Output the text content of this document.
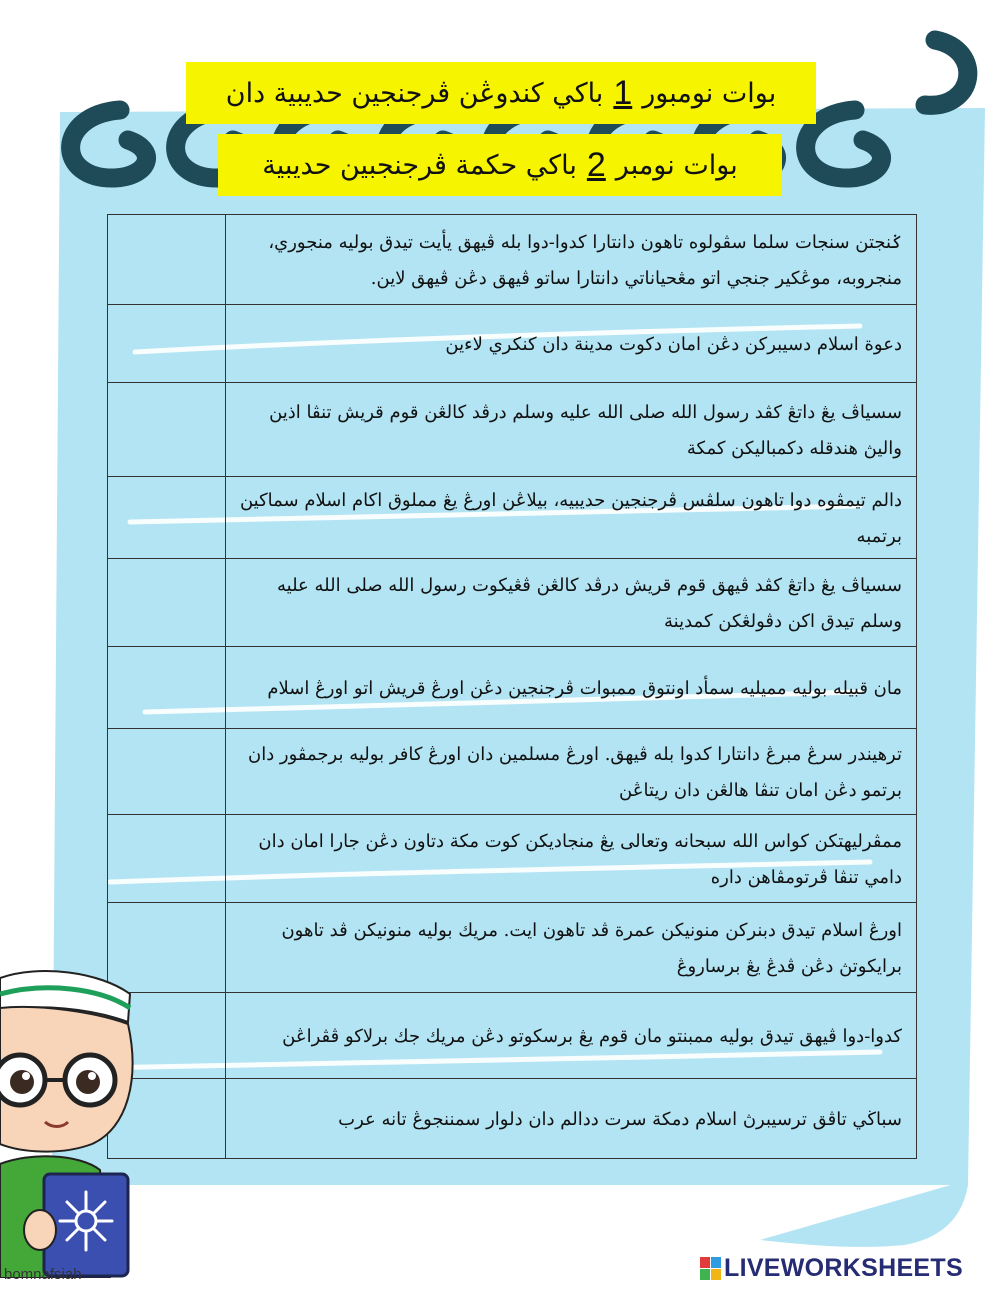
بوات نومبور
1
باكي كندوڠن ڤرجنجين حديبية دان
بوات نومبر
2
باكي حكمة ڤرجنجبين حديبية
	ݢنجتن سنجات سلما سڤولوه تاهون دانتارا كدوا-دوا بله ڤيهق يأيت تيدق بوليه منجوري، منجروبه، موڠكير جنجي اتو مڠحياناتي دانتارا ساتو ڤيهق دڠن ڤيهق لاين.
	دعوة اسلام دسيبركن دڠن امان دكوت مدينة دان كنكري لاءين
	سسياڤ يڠ داتڠ كڤد رسول الله صلى الله عليه وسلم درڤد كالڠن قوم قريش تنڤا اذين واليڽ هندقله دكمباليكن كمكة
	دالم تيمڤوه دوا تاهون سلڤس ڤرجنجين حديبيه، بيلاڠن اورڠ يڠ مملوق اكام اسلام سماكين برتمبه
	سسياڤ يڠ داتڠ كڤد ڤيهق قوم قريش درڤد كالڠن ڤڠيكوت رسول الله صلى الله عليه وسلم تيدق اكن دڤولڠكن كمدينة
	مان قبيله بوليه مميليه سمأد اونتوق ممبوات ڤرجنجين دڠن اورڠ قريش اتو اورڠ اسلام
	ترهيندر سرڠ مبرڠ دانتارا كدوا بله ڤيهق. اورڠ مسلمين دان اورڠ كافر بوليه برجمڤور دان برتمو دڠن امان تنڤا هالڠن دان ريتاڠن
	ممڤرليهتكن كواس الله سبحانه وتعالى يڠ منجاديكن كوت مكة دتاون دڠن جارا امان دان دامي تنڤا ڤرتومڤاهن داره
	اورڠ اسلام تيدق دبنركن منونيكن عمرة ڤد تاهون ايت. مريك بوليه منونيكن ڤد تاهون برايكوتڽ دڠن ڤدڠ يڠ برساروڠ
	كدوا-دوا ڤيهق تيدق بوليه ممبنتو مان قوم يڠ برسكوتو دڠن مريك جك برلاكو ڤڤراڠن
	سباڬي تاڤق ترسيبرڽ اسلام دمكة سرت ددالم دان دلوار سمننجوڠ تانه عرب
bomnafsiah	LIVEWORKSHEETS
